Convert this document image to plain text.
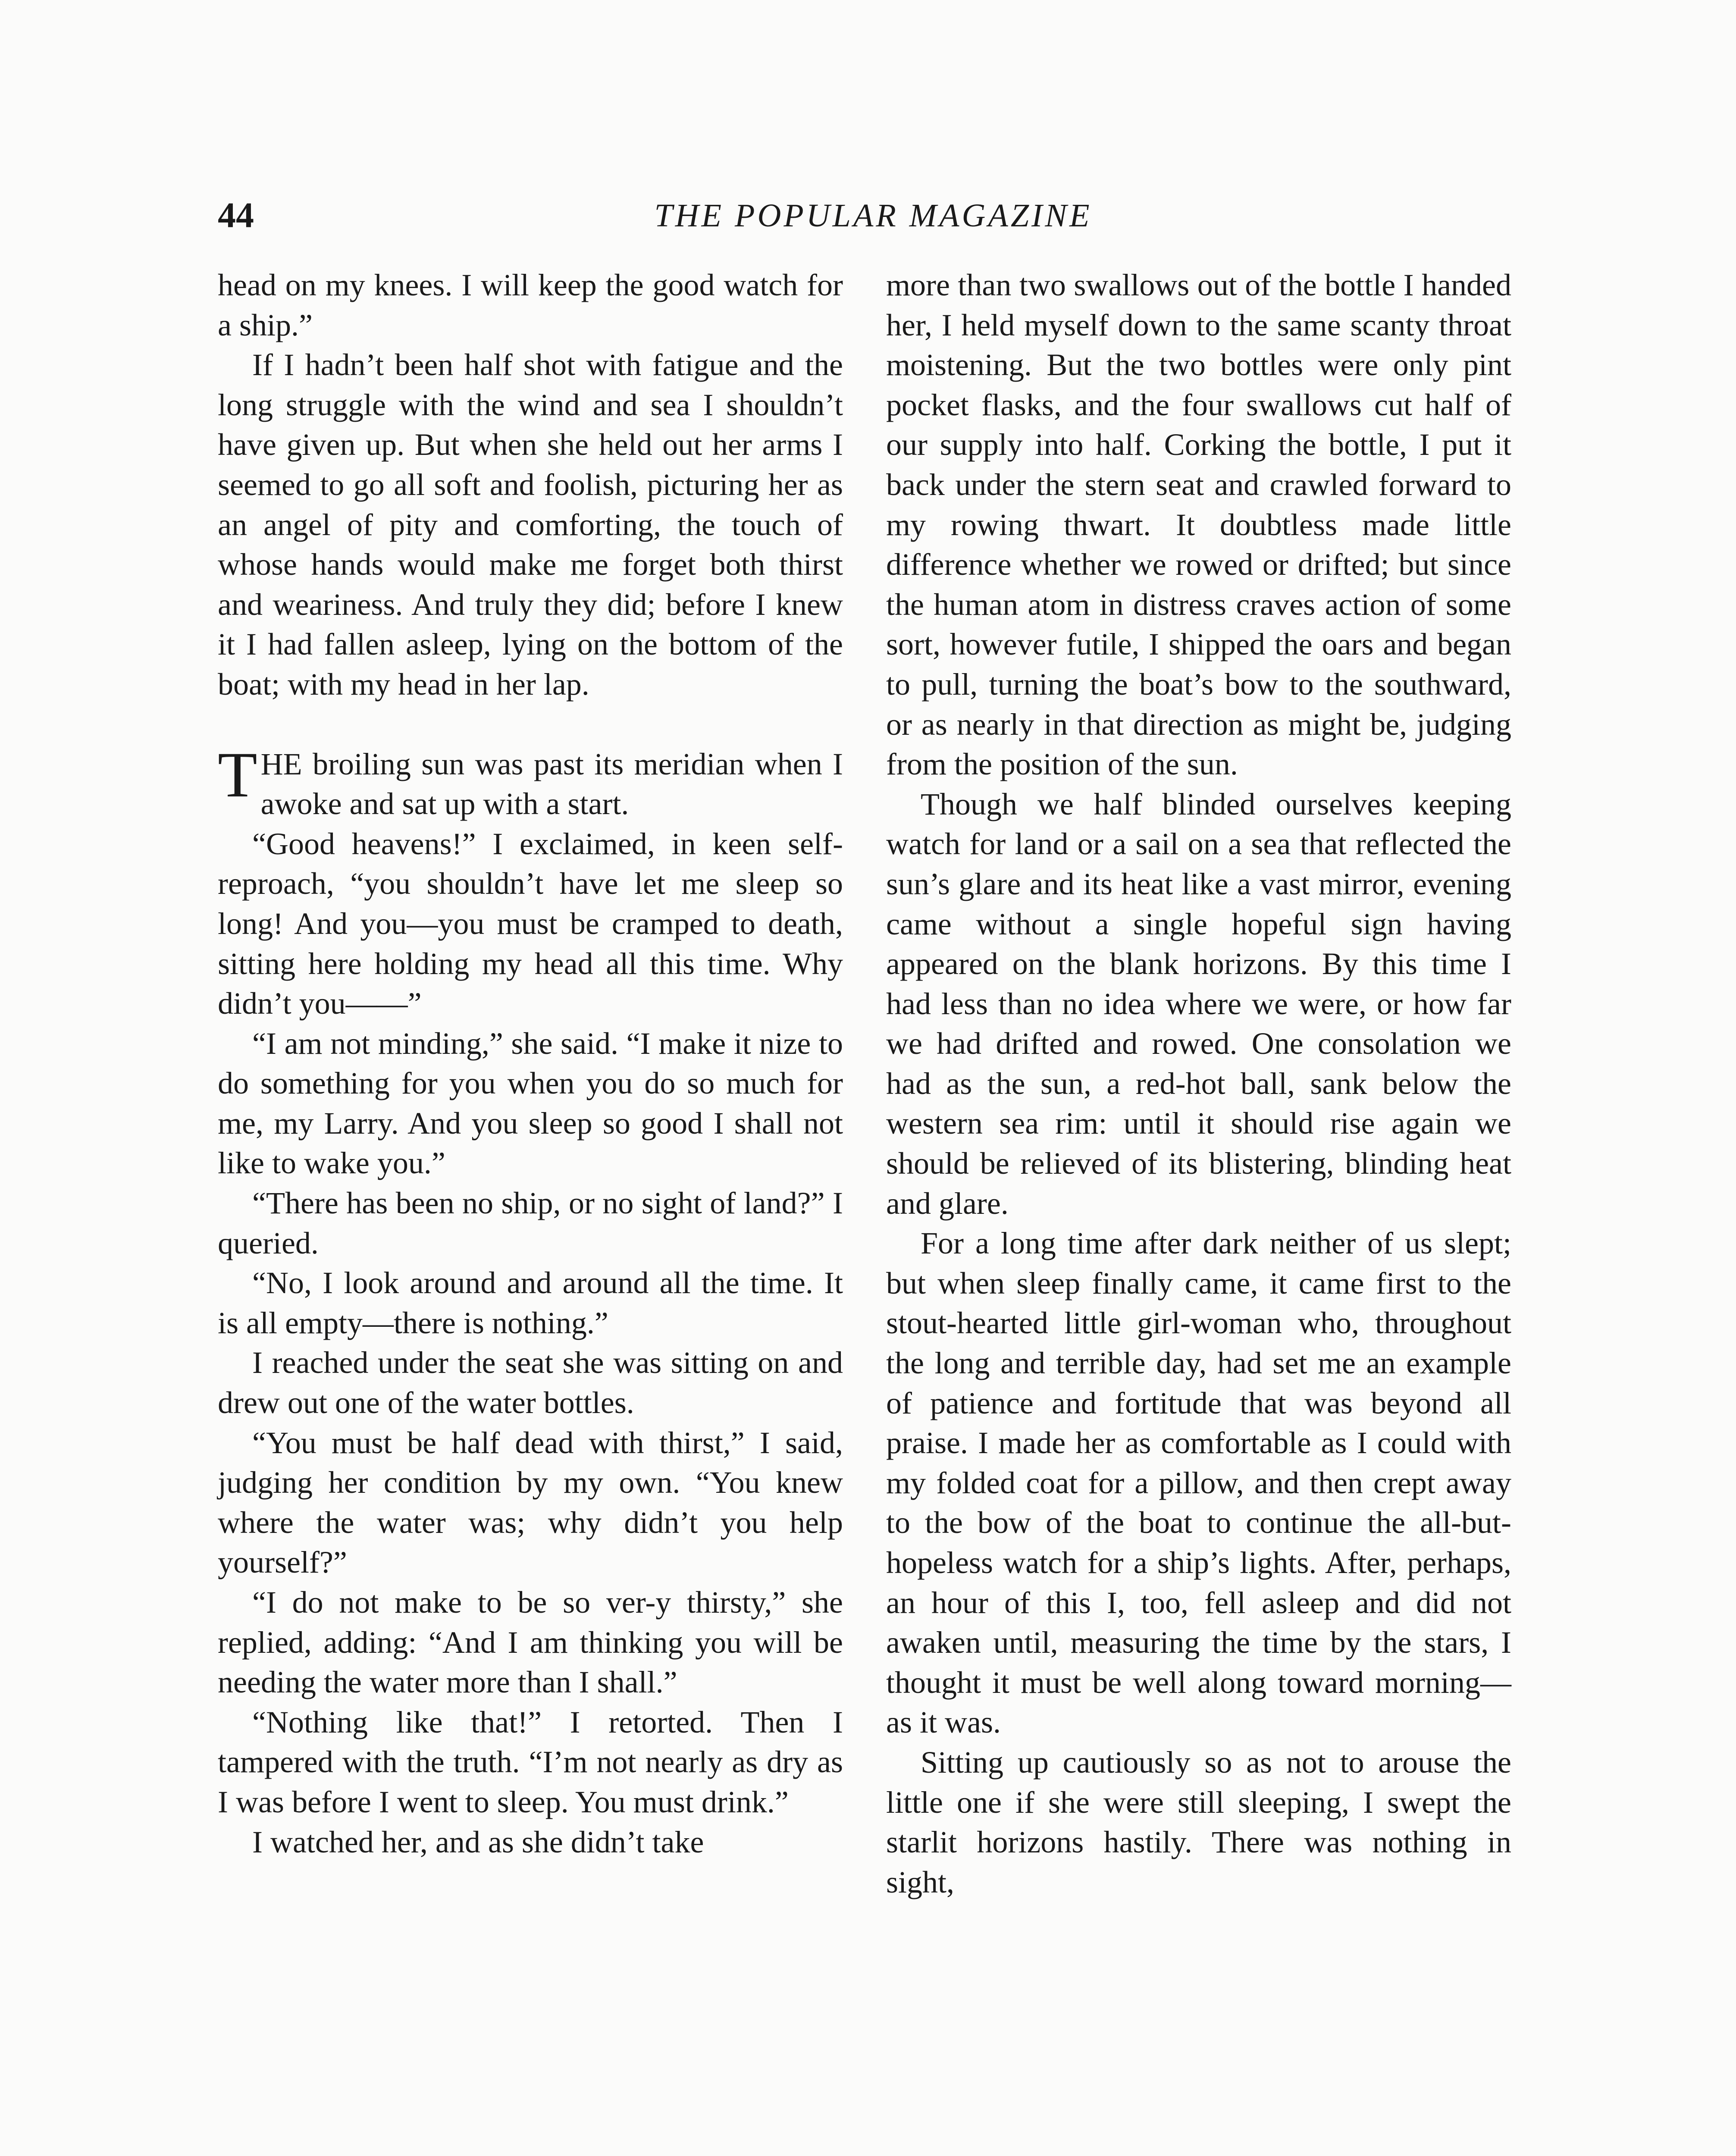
44	THE POPULAR MAGAZINE

head on my knees. I will keep the good watch for a ship.”

If I hadn’t been half shot with fatigue and the long struggle with the wind and sea I shouldn’t have given up. But when she held out her arms I seemed to go all soft and foolish, picturing her as an angel of pity and comforting, the touch of whose hands would make me forget both thirst and weariness. And truly they did; before I knew it I had fallen asleep, lying on the bottom of the boat; with my head in her lap.

THE broiling sun was past its meridian when I awoke and sat up with a start.

“Good heavens!” I exclaimed, in keen self-reproach, “you shouldn’t have let me sleep so long! And you—you must be cramped to death, sitting here holding my head all this time. Why didn’t you——”

“I am not minding,” she said. “I make it nize to do something for you when you do so much for me, my Larry. And you sleep so good I shall not like to wake you.”

“There has been no ship, or no sight of land?” I queried.

“No, I look around and around all the time. It is all empty—there is nothing.”

I reached under the seat she was sitting on and drew out one of the water bottles.

“You must be half dead with thirst,” I said, judging her condition by my own. “You knew where the water was; why didn’t you help yourself?”

“I do not make to be so ver-y thirsty,” she replied, adding: “And I am thinking you will be needing the water more than I shall.”

“Nothing like that!” I retorted. Then I tampered with the truth. “I’m not nearly as dry as I was before I went to sleep. You must drink.”

I watched her, and as she didn’t take

more than two swallows out of the bottle I handed her, I held myself down to the same scanty throat moistening. But the two bottles were only pint pocket flasks, and the four swallows cut half of our supply into half. Corking the bottle, I put it back under the stern seat and crawled forward to my rowing thwart. It doubtless made little difference whether we rowed or drifted; but since the human atom in distress craves action of some sort, however futile, I shipped the oars and began to pull, turning the boat’s bow to the southward, or as nearly in that direction as might be, judging from the position of the sun.

Though we half blinded ourselves keeping watch for land or a sail on a sea that reflected the sun’s glare and its heat like a vast mirror, evening came without a single hopeful sign having appeared on the blank horizons. By this time I had less than no idea where we were, or how far we had drifted and rowed. One consolation we had as the sun, a red-hot ball, sank below the western sea rim: until it should rise again we should be relieved of its blistering, blinding heat and glare.

For a long time after dark neither of us slept; but when sleep finally came, it came first to the stout-hearted little girl-woman who, throughout the long and terrible day, had set me an example of patience and fortitude that was beyond all praise. I made her as comfortable as I could with my folded coat for a pillow, and then crept away to the bow of the boat to continue the all-but-hopeless watch for a ship’s lights. After, perhaps, an hour of this I, too, fell asleep and did not awaken until, measuring the time by the stars, I thought it must be well along toward morning—as it was.

Sitting up cautiously so as not to arouse the little one if she were still sleeping, I swept the starlit horizons hastily. There was nothing in sight,
